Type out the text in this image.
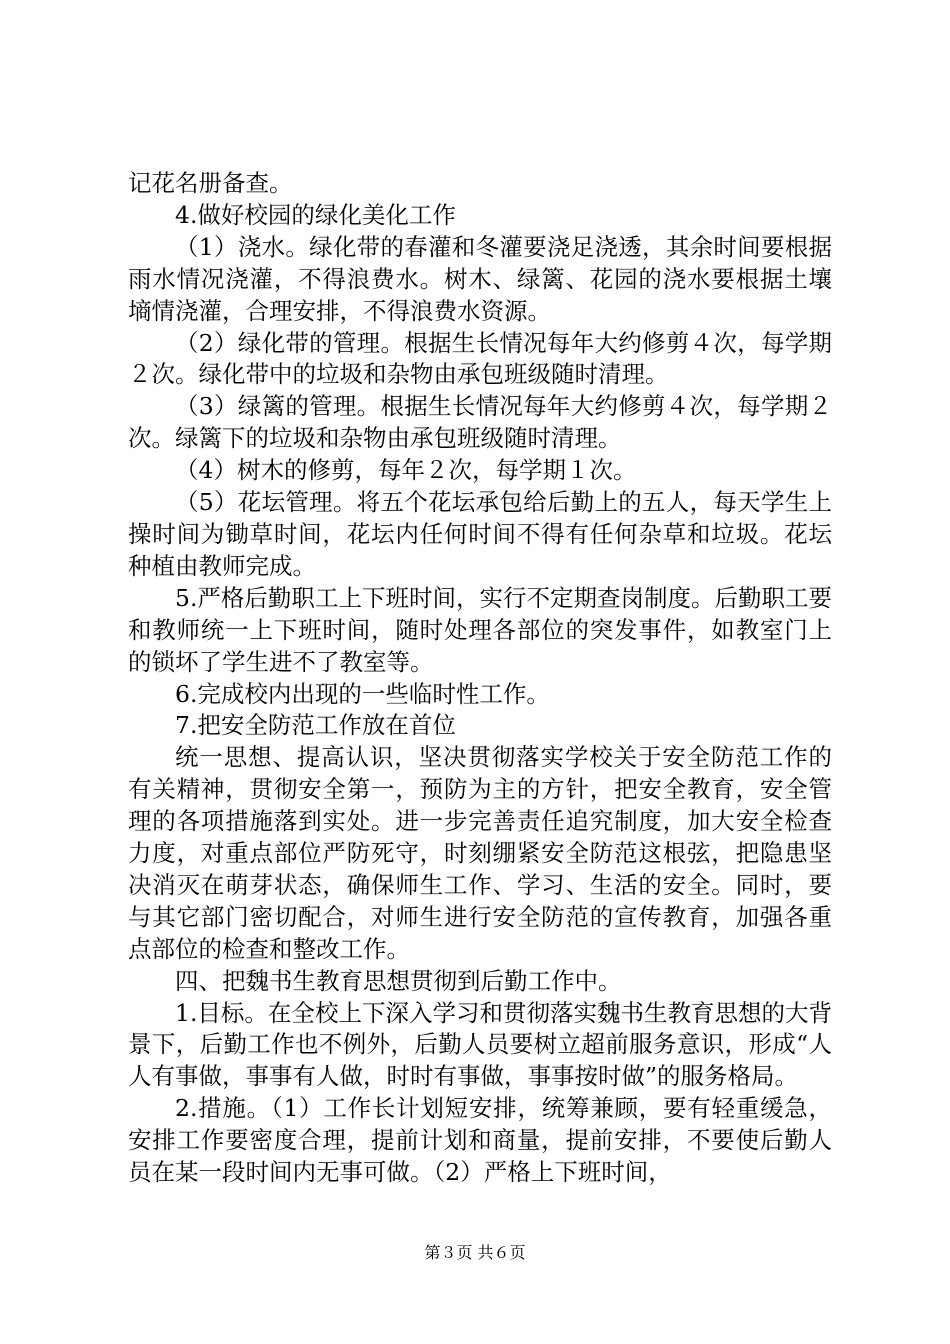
记花名册备查。

4.做好校园的绿化美化工作

（1）浇水。绿化带的春灌和冬灌要浇足浇透，其余时间要根据雨水情况浇灌，不得浪费水。树木、绿篱、花园的浇水要根据土壤墒情浇灌，合理安排，不得浪费水资源。

（2）绿化带的管理。根据生长情况每年大约修剪４次，每学期２次。绿化带中的垃圾和杂物由承包班级随时清理。

（3）绿篱的管理。根据生长情况每年大约修剪４次，每学期２次。绿篱下的垃圾和杂物由承包班级随时清理。

（4）树木的修剪，每年２次，每学期１次。

（5）花坛管理。将五个花坛承包给后勤上的五人，每天学生上操时间为锄草时间，花坛内任何时间不得有任何杂草和垃圾。花坛种植由教师完成。

5.严格后勤职工上下班时间，实行不定期查岗制度。后勤职工要和教师统一上下班时间，随时处理各部位的突发事件，如教室门上的锁坏了学生进不了教室等。

6.完成校内出现的一些临时性工作。

7.把安全防范工作放在首位

统一思想、提高认识，坚决贯彻落实学校关于安全防范工作的有关精神，贯彻安全第一，预防为主的方针，把安全教育，安全管理的各项措施落到实处。进一步完善责任追究制度，加大安全检查力度，对重点部位严防死守，时刻绷紧安全防范这根弦，把隐患坚决消灭在萌芽状态，确保师生工作、学习、生活的安全。同时，要与其它部门密切配合，对师生进行安全防范的宣传教育，加强各重点部位的检查和整改工作。

四、把魏书生教育思想贯彻到后勤工作中。

1.目标。在全校上下深入学习和贯彻落实魏书生教育思想的大背景下，后勤工作也不例外，后勤人员要树立超前服务意识，形成“人人有事做，事事有人做，时时有事做，事事按时做”的服务格局。

2.措施。（1）工作长计划短安排，统筹兼顾，要有轻重缓急，安排工作要密度合理，提前计划和商量，提前安排，不要使后勤人员在某一段时间内无事可做。（2）严格上下班时间，

第３页 共６页
